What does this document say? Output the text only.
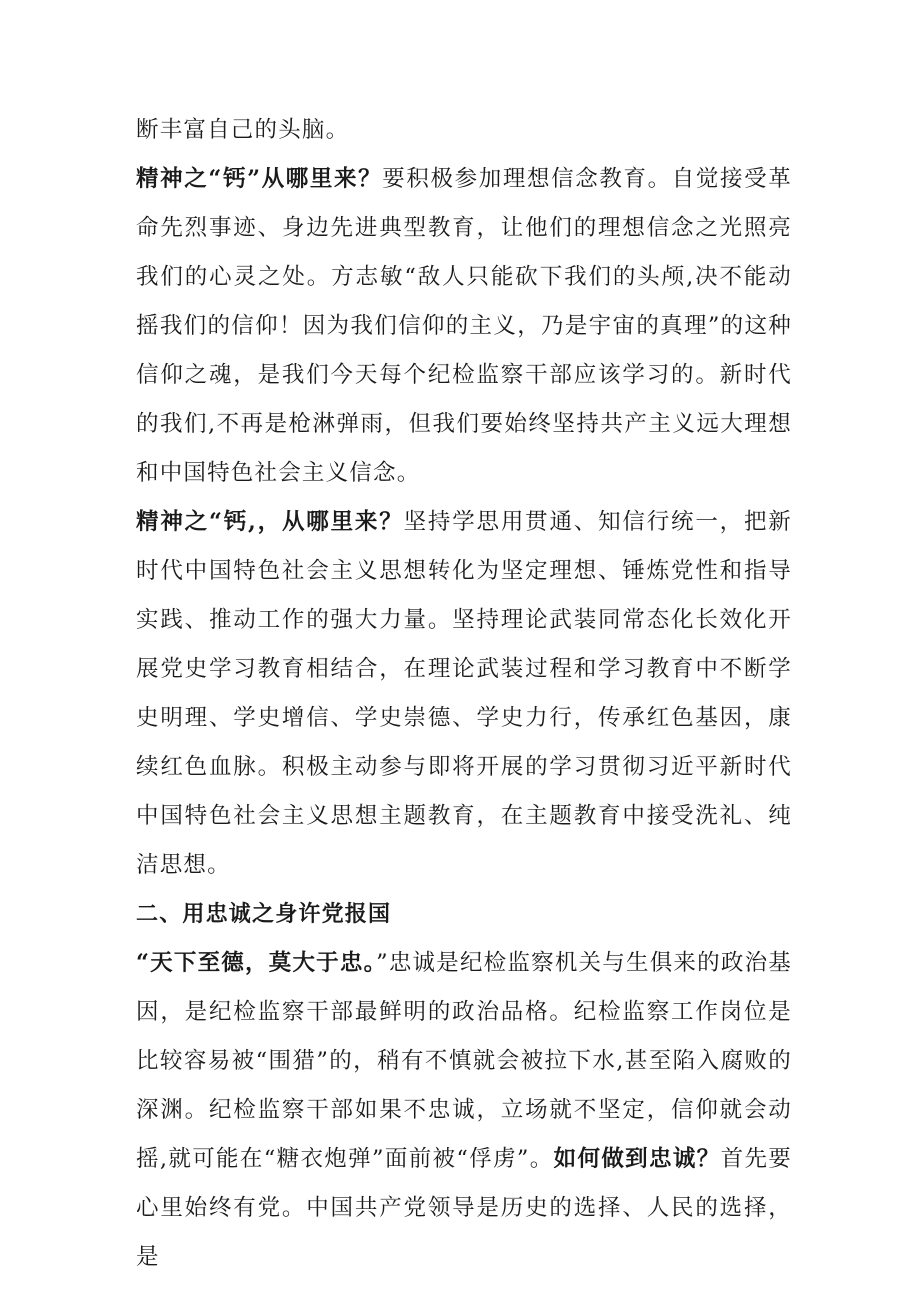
断丰富自己的头脑。

精神之“钙”从哪里来？要积极参加理想信念教育。自觉接受革命先烈事迹、身边先进典型教育，让他们的理想信念之光照亮我们的心灵之处。方志敏“敌人只能砍下我们的头颅,决不能动摇我们的信仰！因为我们信仰的主义，乃是宇宙的真理”的这种信仰之魂，是我们今天每个纪检监察干部应该学习的。新时代的我们,不再是枪淋弹雨，但我们要始终坚持共产主义远大理想和中国特色社会主义信念。

精神之“钙,，从哪里来？坚持学思用贯通、知信行统一，把新时代中国特色社会主义思想转化为坚定理想、锤炼党性和指导实践、推动工作的强大力量。坚持理论武装同常态化长效化开展党史学习教育相结合，在理论武装过程和学习教育中不断学史明理、学史增信、学史崇德、学史力行，传承红色基因，康续红色血脉。积极主动参与即将开展的学习贯彻习近平新时代中国特色社会主义思想主题教育，在主题教育中接受洗礼、纯洁思想。

二、用忠诚之身许党报国

“天下至德，莫大于忠。”忠诚是纪检监察机关与生俱来的政治基因，是纪检监察干部最鲜明的政治品格。纪检监察工作岗位是比较容易被“围猎”的，稍有不慎就会被拉下水,甚至陷入腐败的深渊。纪检监察干部如果不忠诚，立场就不坚定，信仰就会动摇,就可能在“糖衣炮弹”面前被“俘虏”。如何做到忠诚？首先要心里始终有党。中国共产党领导是历史的选择、人民的选择，是
